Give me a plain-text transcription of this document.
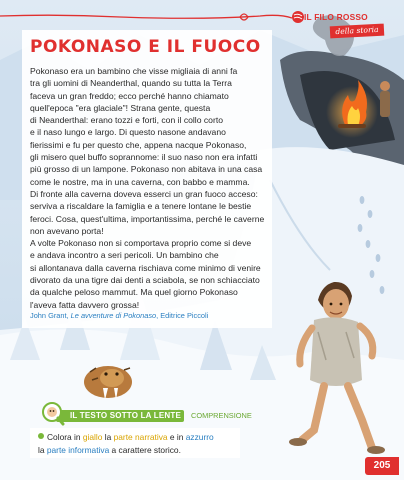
IL FILO ROSSO
della storia
POKONASO E IL FUOCO

Pokonaso era un bambino che visse migliaia di anni fa
tra gli uomini di Neanderthal, quando su tutta la Terra
faceva un gran freddo; ecco perché hanno chiamato
quell'epoca "era glaciale"! Strana gente, questa
di Neanderthal: erano tozzi e forti, con il collo corto
e il naso lungo e largo. Di questo nasone andavano
fierissimi e fu per questo che, appena nacque Pokonaso,
gli misero quel buffo soprannome: il suo naso non era infatti
più grosso di un lampone. Pokonaso non abitava in una casa
come le nostre, ma in una caverna, con babbo e mamma.
Di fronte alla caverna doveva esserci un gran fuoco acceso:
serviva a riscaldare la famiglia e a tenere lontane le bestie
feroci. Cosa, quest'ultima, importantissima, perché le caverne
non avevano porta!
A volte Pokonaso non si comportava proprio come si deve
e andava incontro a seri pericoli. Un bambino che
si allontanava dalla caverna rischiava come minimo di venire
divorato da una tigre dai denti a sciabola, se non schiacciato
da qualche peloso mammut. Ma quel giorno Pokonaso
l'aveva fatta davvero grossa!

John Grant, Le avventure di Pokonaso, Editrice Piccoli
IL TESTO SOTTO LA LENTE COMPRENSIONE

Colora in giallo la parte narrativa e in azzurro
la parte informativa a carattere storico.

205
